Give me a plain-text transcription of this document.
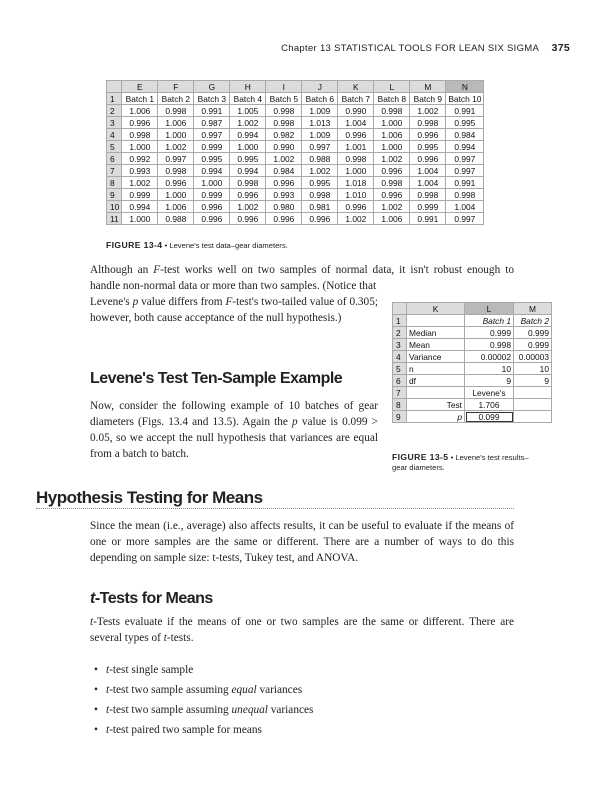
Chapter 13 STATISTICAL TOOLS FOR LEAN SIX SIGMA 375
	E	F	G	H	I	J	K	L	M	N
1	Batch 1	Batch 2	Batch 3	Batch 4	Batch 5	Batch 6	Batch 7	Batch 8	Batch 9	Batch 10
2	1.006	0.998	0.991	1.005	0.998	1.009	0.990	0.998	1.002	0.991
3	0.996	1.006	0.987	1.002	0.998	1.013	1.004	1.000	0.998	0.995
4	0.998	1.000	0.997	0.994	0.982	1.009	0.996	1.006	0.996	0.984
5	1.000	1.002	0.999	1.000	0.990	0.997	1.001	1.000	0.995	0.994
6	0.992	0.997	0.995	0.995	1.002	0.988	0.998	1.002	0.996	0.997
7	0.993	0.998	0.994	0.994	0.984	1.002	1.000	0.996	1.004	0.997
8	1.002	0.996	1.000	0.998	0.996	0.995	1.018	0.998	1.004	0.991
9	0.999	1.000	0.999	0.996	0.993	0.998	1.010	0.996	0.998	0.998
10	0.994	1.006	0.996	1.002	0.980	0.981	0.996	1.002	0.999	1.004
11	1.000	0.988	0.996	0.996	0.996	0.996	1.002	1.006	0.991	0.997
FIGURE 13-4 • Levene's test data–gear diameters.

Although an F-test works well on two samples of normal data, it isn't robust enough to handle non-normal data or more than two samples. (Notice that

Levene's p value differs from F-test's two-tailed value of 0.305; however, both cause acceptance of the null hypothesis.)

	K	L	M
1		Batch 1	Batch 2
2	Median	0.999	0.999
3	Mean	0.998	0.999
4	Variance	0.00002	0.00003
5	n	10	10
6	df	9	9
7		Levene's	
8	Test	1.706	
9	p	0.099	
FIGURE 13-5 • Levene's test results–gear diameters.
Levene's Test Ten-Sample Example

Now, consider the following example of 10 batches of gear diameters (Figs. 13.4 and 13.5). Again the p value is 0.099 > 0.05, so we accept the null hypothesis that variances are equal from a batch to batch.

Hypothesis Testing for Means

Since the mean (i.e., average) also affects results, it can be useful to evaluate if the means of one or more samples are the same or different. There are a number of ways to do this depending on sample size: t-tests, Tukey test, and ANOVA.

t-Tests for Means

t-Tests evaluate if the means of one or two samples are the same or different. There are several types of t-tests.

• t-test single sample
• t-test two sample assuming equal variances
• t-test two sample assuming unequal variances
• t-test paired two sample for means
